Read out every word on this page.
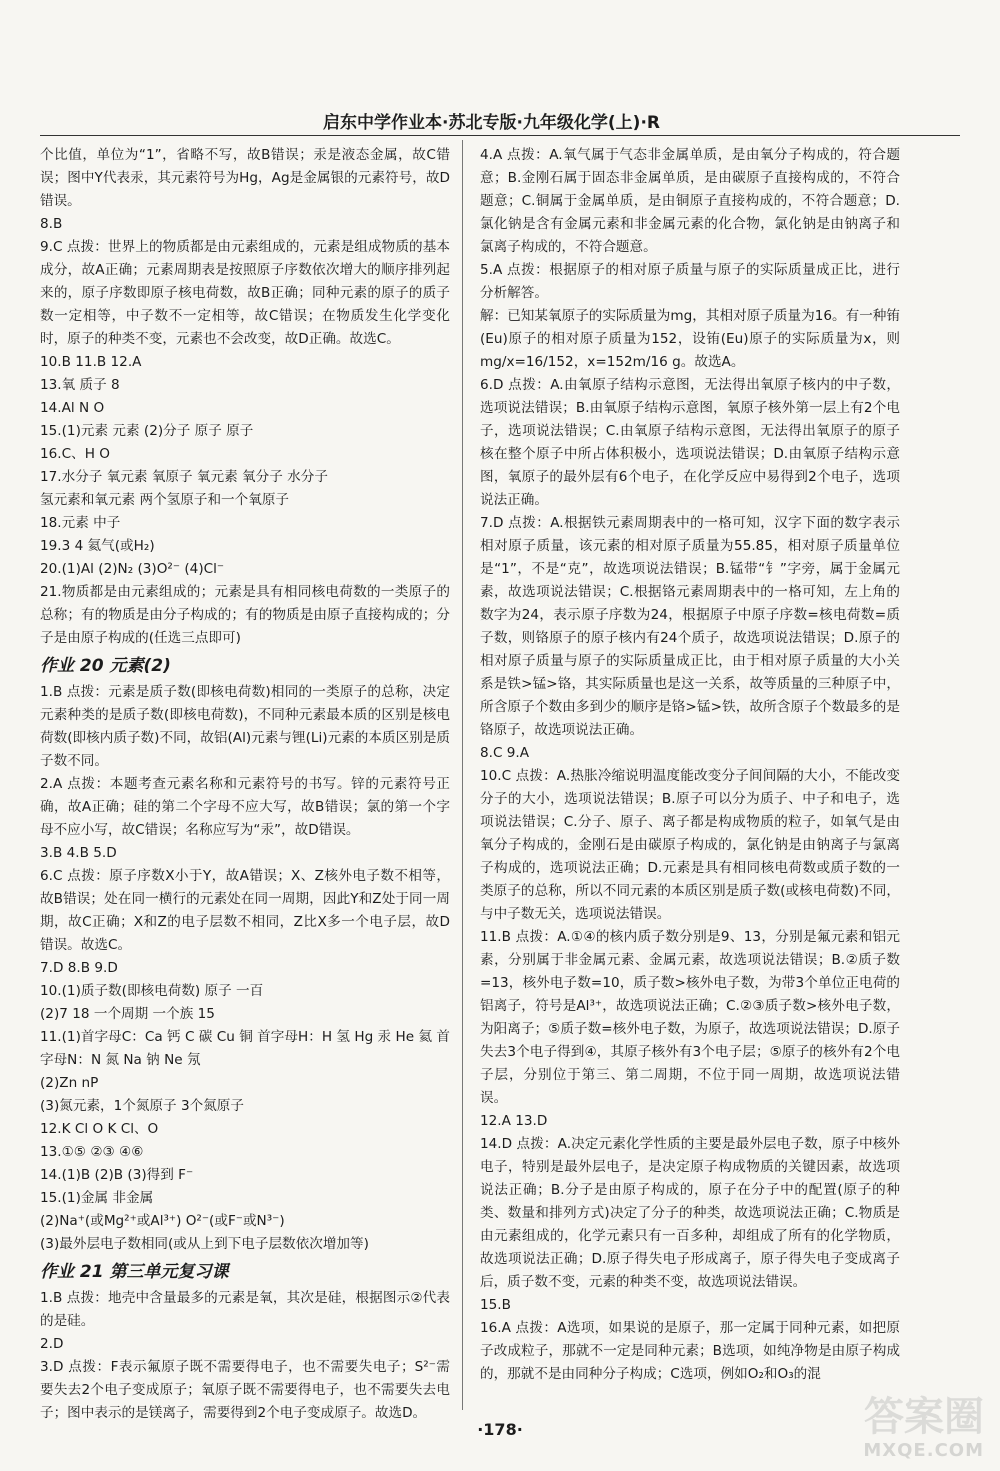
启东中学作业本·苏北专版·九年级化学(上)·R

个比值，单位为“1”，省略不写，故B错误；汞是液态金属，故C错误；图中Y代表汞，其元素符号为Hg，Ag是金属银的元素符号，故D错误。

8.B

9.C 点拨：世界上的物质都是由元素组成的，元素是组成物质的基本成分，故A正确；元素周期表是按照原子序数依次增大的顺序排列起来的，原子序数即原子核电荷数，故B正确；同种元素的原子的质子数一定相等，中子数不一定相等，故C错误；在物质发生化学变化时，原子的种类不变，元素也不会改变，故D正确。故选C。

10.B 11.B 12.A

13.氧 质子 8

14.Al N O

15.(1)元素 元素 (2)分子 原子 原子

16.C、H O

17.水分子 氧元素 氧原子 氧元素 氧分子 水分子

氢元素和氧元素 两个氢原子和一个氧原子

18.元素 中子

19.3 4 氦气(或H₂)

20.(1)Al (2)N₂ (3)O²⁻ (4)Cl⁻

21.物质都是由元素组成的；元素是具有相同核电荷数的一类原子的总称；有的物质是由分子构成的；有的物质是由原子直接构成的；分子是由原子构成的(任选三点即可)

作业 20 元素(2)

1.B 点拨：元素是质子数(即核电荷数)相同的一类原子的总称，决定元素种类的是质子数(即核电荷数)，不同种元素最本质的区别是核电荷数(即核内质子数)不同，故铝(Al)元素与锂(Li)元素的本质区别是质子数不同。

2.A 点拨：本题考查元素名称和元素符号的书写。锌的元素符号正确，故A正确；硅的第二个字母不应大写，故B错误；氯的第一个字母不应小写，故C错误；名称应写为“汞”，故D错误。

3.B 4.B 5.D

6.C 点拨：原子序数X小于Y，故A错误；X、Z核外电子数不相等，故B错误；处在同一横行的元素处在同一周期，因此Y和Z处于同一周期，故C正确；X和Z的电子层数不相同，Z比X多一个电子层，故D错误。故选C。

7.D 8.B 9.D

10.(1)质子数(即核电荷数) 原子 一百

(2)7 18 一个周期 一个族 15

11.(1)首字母C：Ca 钙 C 碳 Cu 铜 首字母H：H 氢 Hg 汞 He 氦 首字母N：N 氮 Na 钠 Ne 氖

(2)Zn nP

(3)氮元素，1个氮原子 3个氮原子

12.K Cl O K Cl、O

13.①⑤ ②③ ④⑥

14.(1)B (2)B (3)得到 F⁻

15.(1)金属 非金属

(2)Na⁺(或Mg²⁺或Al³⁺) O²⁻(或F⁻或N³⁻)

(3)最外层电子数相同(或从上到下电子层数依次增加等)

作业 21 第三单元复习课

1.B 点拨：地壳中含量最多的元素是氧，其次是硅，根据图示②代表的是硅。

2.D

3.D 点拨：F表示氟原子既不需要得电子，也不需要失电子；S²⁻需要失去2个电子变成原子；氧原子既不需要得电子，也不需要失去电子；图中表示的是镁离子，需要得到2个电子变成原子。故选D。

4.A 点拨：A.氧气属于气态非金属单质，是由氧分子构成的，符合题意；B.金刚石属于固态非金属单质，是由碳原子直接构成的，不符合题意；C.铜属于金属单质，是由铜原子直接构成的，不符合题意；D.氯化钠是含有金属元素和非金属元素的化合物，氯化钠是由钠离子和氯离子构成的，不符合题意。

5.A 点拨：根据原子的相对原子质量与原子的实际质量成正比，进行分析解答。

解：已知某氧原子的实际质量为mg，其相对原子质量为16。有一种铕(Eu)原子的相对原子质量为152，设铕(Eu)原子的实际质量为x，则mg/x=16/152，x=152m/16 g。故选A。

6.D 点拨：A.由氧原子结构示意图，无法得出氧原子核内的中子数，选项说法错误；B.由氧原子结构示意图，氧原子核外第一层上有2个电子，选项说法错误；C.由氧原子结构示意图，无法得出氧原子的原子核在整个原子中所占体积极小，选项说法错误；D.由氧原子结构示意图，氧原子的最外层有6个电子，在化学反应中易得到2个电子，选项说法正确。

7.D 点拨：A.根据铁元素周期表中的一格可知，汉字下面的数字表示相对原子质量，该元素的相对原子质量为55.85，相对原子质量单位是“1”，不是“克”，故选项说法错误；B.锰带“钅”字旁，属于金属元素，故选项说法错误；C.根据铬元素周期表中的一格可知，左上角的数字为24，表示原子序数为24，根据原子中原子序数=核电荷数=质子数，则铬原子的原子核内有24个质子，故选项说法错误；D.原子的相对原子质量与原子的实际质量成正比，由于相对原子质量的大小关系是铁>锰>铬，其实际质量也是这一关系，故等质量的三种原子中，所含原子个数由多到少的顺序是铬>锰>铁，故所含原子个数最多的是铬原子，故选项说法正确。

8.C 9.A

10.C 点拨：A.热胀冷缩说明温度能改变分子间间隔的大小，不能改变分子的大小，选项说法错误；B.原子可以分为质子、中子和电子，选项说法错误；C.分子、原子、离子都是构成物质的粒子，如氧气是由氧分子构成的，金刚石是由碳原子构成的，氯化钠是由钠离子与氯离子构成的，选项说法正确；D.元素是具有相同核电荷数或质子数的一类原子的总称，所以不同元素的本质区别是质子数(或核电荷数)不同，与中子数无关，选项说法错误。

11.B 点拨：A.①④的核内质子数分别是9、13，分别是氟元素和铝元素，分别属于非金属元素、金属元素，故选项说法错误；B.②质子数=13，核外电子数=10，质子数>核外电子数，为带3个单位正电荷的铝离子，符号是Al³⁺，故选项说法正确；C.②③质子数>核外电子数，为阳离子；⑤质子数=核外电子数，为原子，故选项说法错误；D.原子失去3个电子得到④，其原子核外有3个电子层；⑤原子的核外有2个电子层，分别位于第三、第二周期，不位于同一周期，故选项说法错误。

12.A 13.D

14.D 点拨：A.决定元素化学性质的主要是最外层电子数，原子中核外电子，特别是最外层电子，是决定原子构成物质的关键因素，故选项说法正确；B.分子是由原子构成的，原子在分子中的配置(原子的种类、数量和排列方式)决定了分子的种类，故选项说法正确；C.物质是由元素组成的，化学元素只有一百多种，却组成了所有的化学物质，故选项说法正确；D.原子得失电子形成离子，原子得失电子变成离子后，质子数不变，元素的种类不变，故选项说法错误。

15.B

16.A 点拨：A选项，如果说的是原子，那一定属于同种元素，如把原子改成粒子，那就不一定是同种元素；B选项，如纯净物是由原子构成的，那就不是由同种分子构成；C选项，例如O₂和O₃的混

·178·	答案圈
MXQE.COM
